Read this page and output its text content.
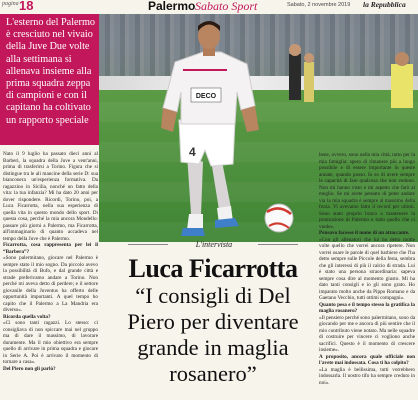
pagina 18	Palermo Sabato Sport	Sabato, 2 novembre 2019 la Repubblica
DECO
4
L'esterno del Palermo è cresciuto nel vivaio della Juve Due volte alla settimana si allenava insieme alla prima squadra zeppa di campioni e con il capitano ha coltivato un rapporto speciale

Nato il 9 luglio ha passato dieci anni al Barberì, la squadra della Juve a vent'anni, prima di trasferirsi a Torino. Figura che si distingue tra le ali mancine della serie D: sua bianconera un'esperienza formativa. Da ragazzino in Sicilia, nonché un fatto della vita: la tua infanzia? Mi ha dato 20 anni per dover rispondere. Ricordi, Torino, poi, a Luca Ficarrotta, nella sua esperienza di quella vita in questo mondo dello sport. Di questa cosa, perché la mia ancora Mondello: passare più giorni a Palermo, ma Ficarrotta, all'immaginario di quanto accadeva nel tempo della Juve che è Palermo.

Ficarrotta, cosa rappresenta per lei il “Barbera”?

«Sono palermitano, giocare nel Palermo è sempre stato il mio sogno. Da piccolo avevo la possibilità di Bufo, e dal grande città e strade preferivamo andare a Torino. Non perché mi aveva detto di perdere; e il settore giovanile della Juventus ha offerto delle opportunità importanti. A quel tempo ho capito che il Palermo a La Mandria era diverso».

Ricorda quella volta?

«Ci sono tanti ragazzi. Lo stesso: ci consigliava di non spiccare mai nel gruppo ma di dare il massimo, di lavorare duramente. Ma il mio obiettivo era sempre quello di arrivare in prima squadra e giocare in Serie A. Poi è arrivato il momento di tornare a casa».

Del Piero non gli parlò?

bene, ovvero, sono nella mia città, tutto per la mia famiglia: spero di rimanere più a lungo possibile e di essere importante in queste annate, quando posso. Io so di avere sempre le capacità di fare qualcosa che non vedono. Non mi hanno visto e mi aspetto che farò al meglio. Se mi avete pensato di poter andare via la mia squadra è sempre al massimo della forza. Vi avevamo fatto il record per ultimi. Sono stato proprio bravo a mantenere la promozione di Palermo e tutto quello che ci vuole».

Pensavo facesse il nome di un attaccante.

«Con gli allenatori che lui ho detto molte volte quello che vorrei ancora ripetere. Non vorrei usare le parole di quel barbiere che l'ha detto sempre sulle Piccole della festa, sembra che gli interessi di più il calcio di strada. Lui è stato una persona straordinaria: sapeva sempre cosa dire al momento giusto. Mi ha dato tanti consigli e io gli sono grato. Ho imparato molto anche da Pippo Romano e da Gaetano Vecchio, tutti ottimi compagni».

Quanto pesa e il tempo stesso la gratifica la maglia rosanero?

«Il pensiero perché sono palermitano, sono da giocando per me e ancora di più sentire che il mio contributo viene notato. Ma nelle squadre di costruire per vincere ci vogliono anche sacrifici. Questo è il momento di crescere insieme».

A proposito, ancora quale ufficiale non l'avete mai indossata. Cosa ti ha colpito?

«La maglia è bellissima, tutti vorrebbero indossarla. Il nostro tifo ha sempre creduto in noi».

L'intervista
Luca Ficarrotta
“I consigli di Del Piero per diventare grande in maglia rosanero”
